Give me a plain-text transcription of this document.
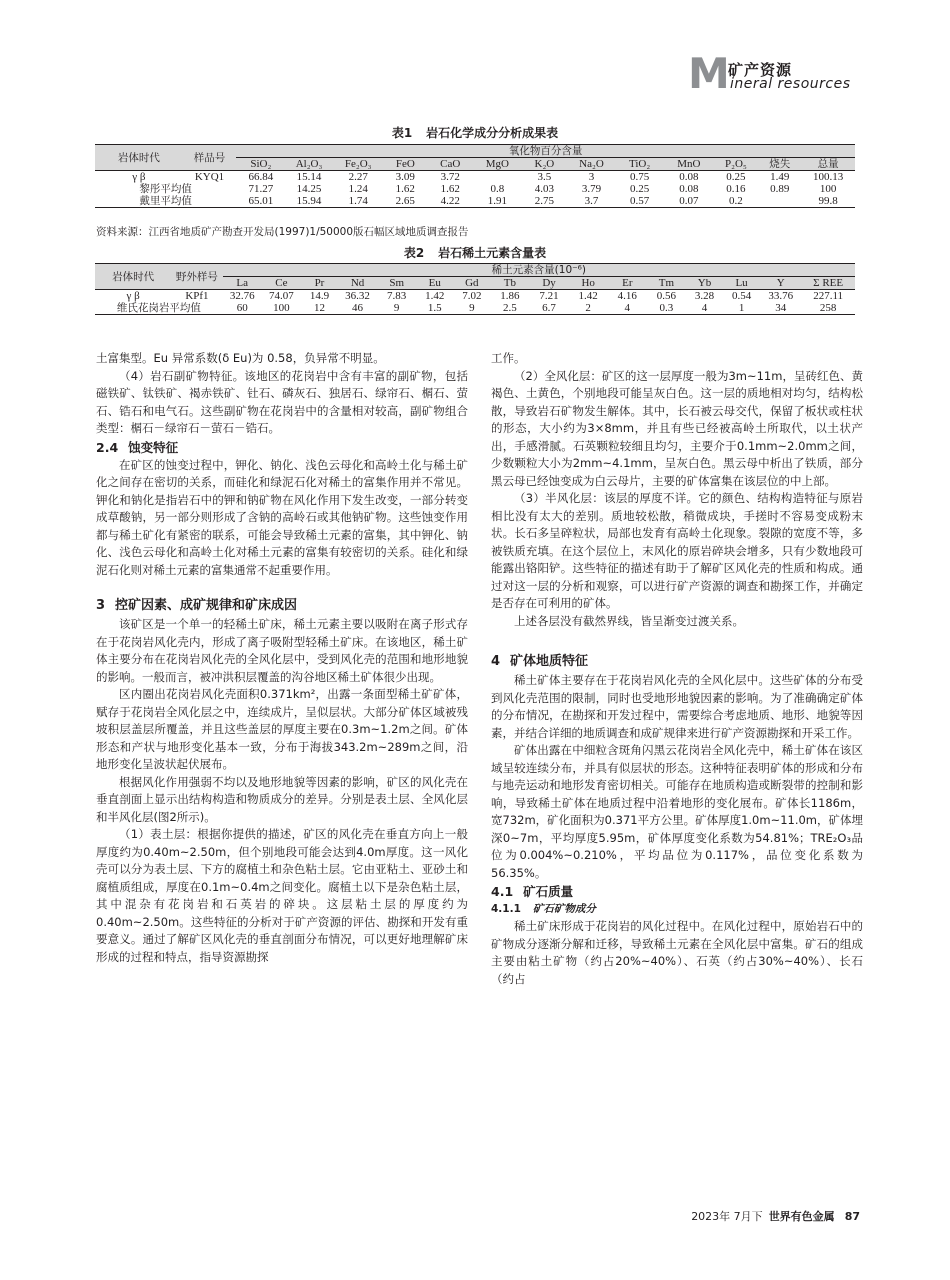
M
矿产资源
ineral resources
表1 岩石化学成分分析成果表
岩体时代	样品号	氧化物百分含量												
		SiO₂	Al₂O₃	Fe₂O₃	FeO	CaO	MgO	K₂O	Na₂O	TiO₂	MnO	P₂O₅	烧失	总量
γ β	KYQ1	66.84	15.14	2.27	3.09	3.72		3.5	3	0.75	0.08	0.25	1.49	100.13
黎彤平均值		71.27	14.25	1.24	1.62	1.62	0.8	4.03	3.79	0.25	0.08	0.16	0.89	100
戴里平均值		65.01	15.94	1.74	2.65	4.22	1.91	2.75	3.7	0.57	0.07	0.2		99.8
资料来源：江西省地质矿产勘查开发局(1997)1/50000版石幅区域地质调查报告
表2 岩石稀土元素含量表
岩体时代	野外样号	稀土元素含量(10⁻⁶)															
		La	Ce	Pr	Nd	Sm	Eu	Gd	Tb	Dy	Ho	Er	Tm	Yb	Lu	Y	Σ REE
γ β	KPf1	32.76	74.07	14.9	36.32	7.83	1.42	7.02	1.86	7.21	1.42	4.16	0.56	3.28	0.54	33.76	227.11
维氏花岗岩平均值		60	100	12	46	9	1.5	9	2.5	6.7	2	4	0.3	4	1	34	258

土富集型。Eu 异常系数(δ Eu)为 0.58，负异常不明显。

（4）岩石副矿物特征。该地区的花岗岩中含有丰富的副矿物，包括磁铁矿、钛铁矿、褐赤铁矿、钍石、磷灰石、独居石、绿帘石、榍石、萤石、锆石和电气石。这些副矿物在花岗岩中的含量相对较高，副矿物组合类型：榍石－绿帘石－萤石－锆石。

2.4 蚀变特征

在矿区的蚀变过程中，钾化、钠化、浅色云母化和高岭土化与稀土矿化之间存在密切的关系，而硅化和绿泥石化对稀土的富集作用并不常见。钾化和钠化是指岩石中的钾和钠矿物在风化作用下发生改变，一部分转变成草酸钠，另一部分则形成了含钠的高岭石或其他钠矿物。这些蚀变作用都与稀土矿化有紧密的联系，可能会导致稀土元素的富集，其中钾化、钠化、浅色云母化和高岭土化对稀土元素的富集有较密切的关系。硅化和绿泥石化则对稀土元素的富集通常不起重要作用。

3 控矿因素、成矿规律和矿床成因

该矿区是一个单一的轻稀土矿床，稀土元素主要以吸附在离子形式存在于花岗岩风化壳内，形成了离子吸附型轻稀土矿床。在该地区，稀土矿体主要分布在花岗岩风化壳的全风化层中，受到风化壳的范围和地形地貌的影响。一般而言，被冲洪积层覆盖的沟谷地区稀土矿体很少出现。

区内圈出花岗岩风化壳面积0.371km²，出露一条面型稀土矿矿体，赋存于花岗岩全风化层之中，连续成片，呈似层状。大部分矿体区域被残坡积层盖层所覆盖，并且这些盖层的厚度主要在0.3m~1.2m之间。矿体形态和产状与地形变化基本一致，分布于海拔343.2m~289m之间，沿地形变化呈波状起伏展布。

根据风化作用强弱不均以及地形地貌等因素的影响，矿区的风化壳在垂直剖面上显示出结构构造和物质成分的差异。分别是表土层、全风化层和半风化层(图2所示)。

（1）表土层：根据你提供的描述，矿区的风化壳在垂直方向上一般厚度约为0.40m~2.50m，但个别地段可能会达到4.0m厚度。这一风化壳可以分为表土层、下方的腐植土和杂色粘土层。它由亚粘土、亚砂土和腐植质组成，厚度在0.1m~0.4m之间变化。腐植土以下是杂色粘土层，其中混杂有花岗岩和石英岩的碎块。这层粘土层的厚度约为0.40m~2.50m。这些特征的分析对于矿产资源的评估、勘探和开发有重要意义。通过了解矿区风化壳的垂直剖面分布情况，可以更好地理解矿床形成的过程和特点，指导资源勘探

工作。

（2）全风化层：矿区的这一层厚度一般为3m~11m，呈砖红色、黄褐色、土黄色，个别地段可能呈灰白色。这一层的质地相对均匀，结构松散，导致岩石矿物发生解体。其中，长石被云母交代，保留了板状或柱状的形态，大小约为3×8mm，并且有些已经被高岭土所取代，以土状产出，手感滑腻。石英颗粒较细且均匀，主要介于0.1mm~2.0mm之间，少数颗粒大小为2mm~4.1mm，呈灰白色。黑云母中析出了铁质，部分黑云母已经蚀变成为白云母片，主要的矿体富集在该层位的中上部。

（3）半风化层：该层的厚度不详。它的颜色、结构构造特征与原岩相比没有太大的差别。质地较松散，稍微成块，手搓时不容易变成粉末状。长石多呈碎粒状，局部也发育有高岭土化现象。裂隙的宽度不等，多被铁质充填。在这个层位上，末风化的原岩碎块会增多，只有少数地段可能露出铬阳铲。这些特征的描述有助于了解矿区风化壳的性质和构成。通过对这一层的分析和观察，可以进行矿产资源的调查和勘探工作，并确定是否存在可利用的矿体。

上述各层没有截然界线，皆呈渐变过渡关系。

4 矿体地质特征

稀土矿体主要存在于花岗岩风化壳的全风化层中。这些矿体的分布受到风化壳范围的限制，同时也受地形地貌因素的影响。为了准确确定矿体的分布情况，在勘探和开发过程中，需要综合考虑地质、地形、地貌等因素，并结合详细的地质调查和成矿规律来进行矿产资源勘探和开采工作。

矿体出露在中细粒含斑角闪黑云花岗岩全风化壳中，稀土矿体在该区域呈较连续分布，并具有似层状的形态。这种特征表明矿体的形成和分布与地壳运动和地形发育密切相关。可能存在地质构造或断裂带的控制和影响，导致稀土矿体在地质过程中沿着地形的变化展布。矿体长1186m，宽732m，矿化面积为0.371平方公里。矿体厚度1.0m~11.0m，矿体埋深0~7m，平均厚度5.95m，矿体厚度变化系数为54.81%；TRE₂O₃品位为0.004%~0.210%，平均品位为0.117%，品位变化系数为56.35%。

4.1 矿石质量
4.1.1 矿石矿物成分

稀土矿床形成于花岗岩的风化过程中。在风化过程中，原始岩石中的矿物成分逐渐分解和迁移，导致稀土元素在全风化层中富集。矿石的组成主要由粘土矿物（约占20%~40%）、石英（约占30%~40%）、长石（约占

2023年 7月下 世界有色金属 87
